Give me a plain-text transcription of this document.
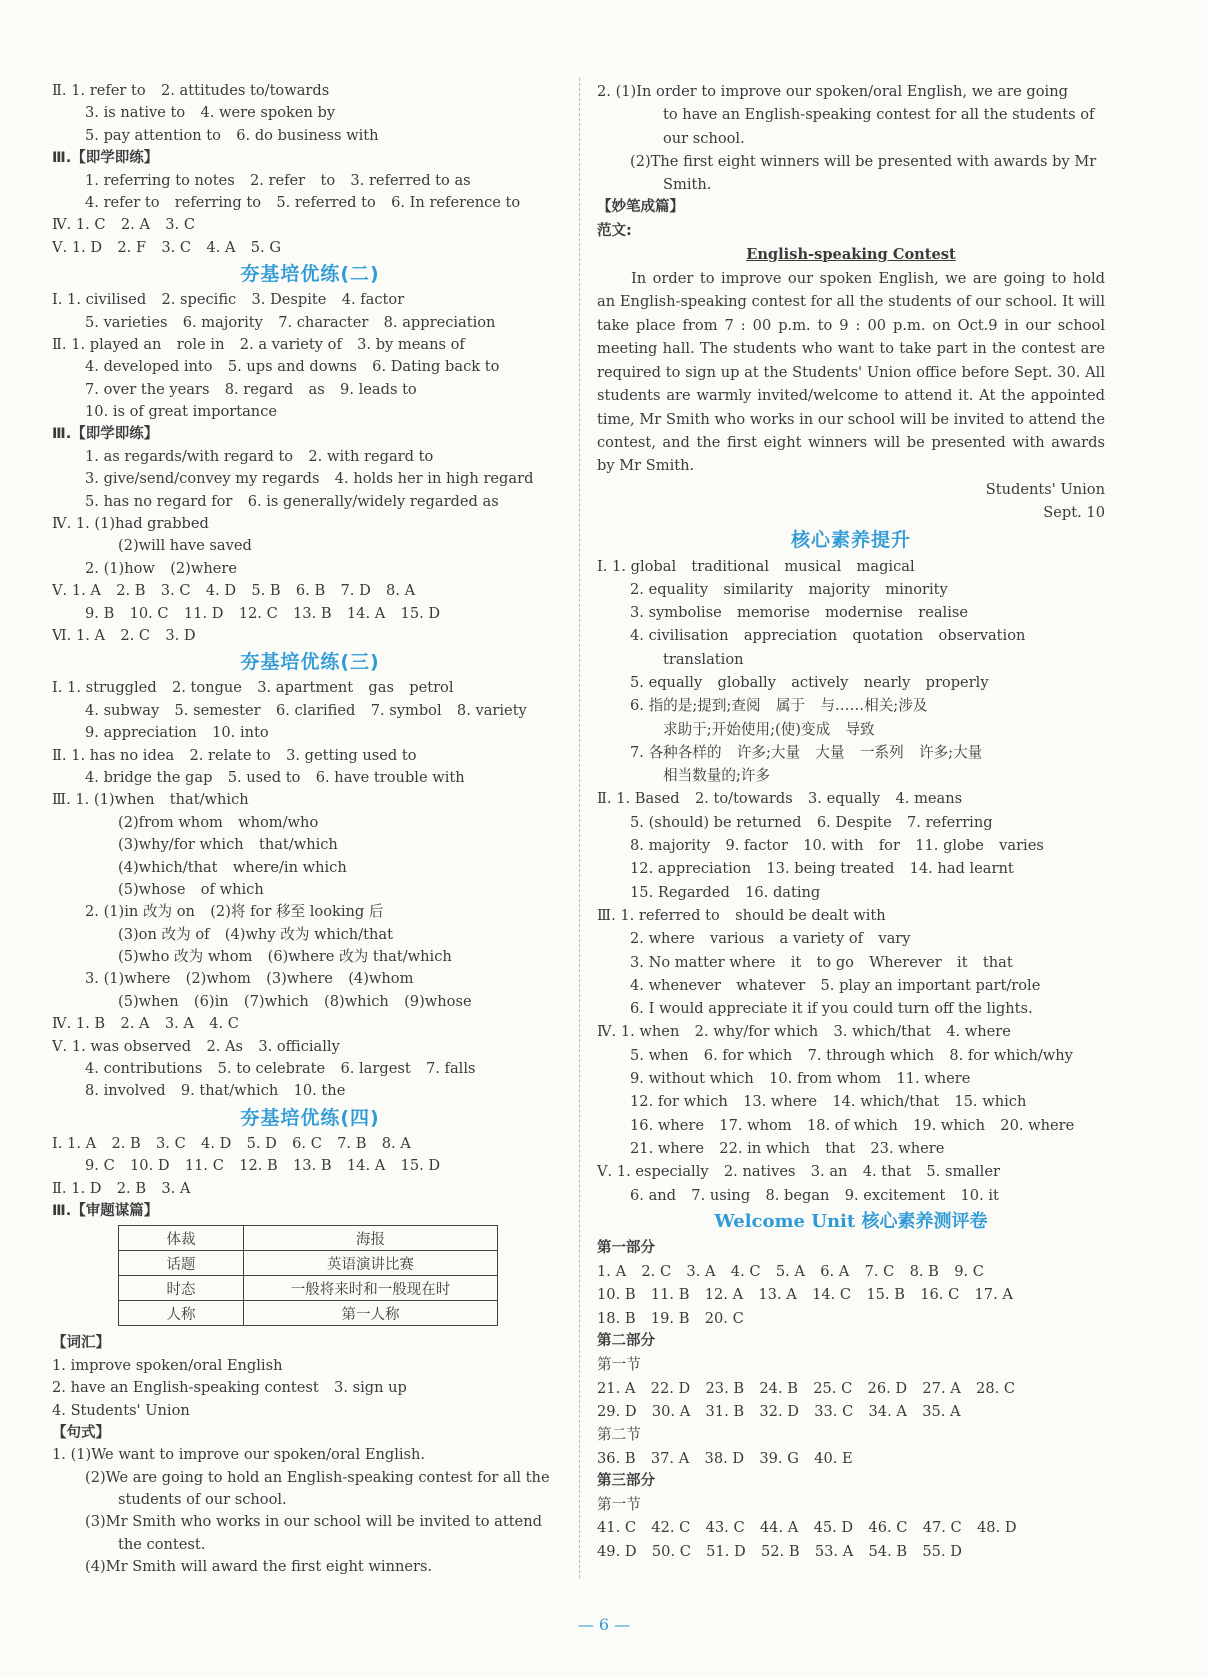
Ⅱ. 1. refer to 2. attitudes to/towards
3. is native to 4. were spoken by
5. pay attention to 6. do business with
Ⅲ.【即学即练】
1. referring to notes 2. refer to 3. referred to as
4. refer to referring to 5. referred to 6. In reference to
Ⅳ. 1. C 2. A 3. C
Ⅴ. 1. D 2. F 3. C 4. A 5. G
夯基培优练(二)
Ⅰ. 1. civilised 2. specific 3. Despite 4. factor
5. varieties 6. majority 7. character 8. appreciation
Ⅱ. 1. played an role in 2. a variety of 3. by means of
4. developed into 5. ups and downs 6. Dating back to
7. over the years 8. regard as 9. leads to
10. is of great importance
Ⅲ.【即学即练】
1. as regards/with regard to 2. with regard to
3. give/send/convey my regards 4. holds her in high regard
5. has no regard for 6. is generally/widely regarded as
Ⅳ. 1. (1)had grabbed
(2)will have saved
2. (1)how (2)where
Ⅴ. 1. A 2. B 3. C 4. D 5. B 6. B 7. D 8. A
9. B 10. C 11. D 12. C 13. B 14. A 15. D
Ⅵ. 1. A 2. C 3. D
夯基培优练(三)
Ⅰ. 1. struggled 2. tongue 3. apartment gas petrol
4. subway 5. semester 6. clarified 7. symbol 8. variety
9. appreciation 10. into
Ⅱ. 1. has no idea 2. relate to 3. getting used to
4. bridge the gap 5. used to 6. have trouble with
Ⅲ. 1. (1)when that/which
(2)from whom whom/who
(3)why/for which that/which
(4)which/that where/in which
(5)whose of which
2. (1)in 改为 on (2)将 for 移至 looking 后
(3)on 改为 of (4)why 改为 which/that
(5)who 改为 whom (6)where 改为 that/which
3. (1)where (2)whom (3)where (4)whom
(5)when (6)in (7)which (8)which (9)whose
Ⅳ. 1. B 2. A 3. A 4. C
Ⅴ. 1. was observed 2. As 3. officially
4. contributions 5. to celebrate 6. largest 7. falls
8. involved 9. that/which 10. the
夯基培优练(四)
Ⅰ. 1. A 2. B 3. C 4. D 5. D 6. C 7. B 8. A
9. C 10. D 11. C 12. B 13. B 14. A 15. D
Ⅱ. 1. D 2. B 3. A
Ⅲ.【审题谋篇】
体裁	海报
话题	英语演讲比赛
时态	一般将来时和一般现在时
人称	第一人称
【词汇】
1. improve spoken/oral English
2. have an English-speaking contest 3. sign up
4. Students' Union
【句式】
1. (1)We want to improve our spoken/oral English.
(2)We are going to hold an English-speaking contest for all the
students of our school.
(3)Mr Smith who works in our school will be invited to attend
the contest.
(4)Mr Smith will award the first eight winners.
2. (1)In order to improve our spoken/oral English, we are going
to have an English-speaking contest for all the students of
our school.
(2)The first eight winners will be presented with awards by Mr
Smith.
【妙笔成篇】
范文:
English-speaking Contest

In order to improve our spoken English, we are going to hold an English-speaking contest for all the students of our school. It will take place from 7 : 00 p.m. to 9 : 00 p.m. on Oct.9 in our school meeting hall. The students who want to take part in the contest are required to sign up at the Students' Union office before Sept. 30. All students are warmly invited/welcome to attend it. At the appointed time, Mr Smith who works in our school will be invited to attend the contest, and the first eight winners will be presented with awards by Mr Smith.

Students' Union
Sept. 10
核心素养提升
Ⅰ. 1. global traditional musical magical
2. equality similarity majority minority
3. symbolise memorise modernise realise
4. civilisation appreciation quotation observation
translation
5. equally globally actively nearly properly
6. 指的是;提到;查阅 属于 与……相关;涉及
求助于;开始使用;(使)变成 导致
7. 各种各样的 许多;大量 大量 一系列 许多;大量
相当数量的;许多
Ⅱ. 1. Based 2. to/towards 3. equally 4. means
5. (should) be returned 6. Despite 7. referring
8. majority 9. factor 10. with for 11. globe varies
12. appreciation 13. being treated 14. had learnt
15. Regarded 16. dating
Ⅲ. 1. referred to should be dealt with
2. where various a variety of vary
3. No matter where it to go Wherever it that
4. whenever whatever 5. play an important part/role
6. I would appreciate it if you could turn off the lights.
Ⅳ. 1. when 2. why/for which 3. which/that 4. where
5. when 6. for which 7. through which 8. for which/why
9. without which 10. from whom 11. where
12. for which 13. where 14. which/that 15. which
16. where 17. whom 18. of which 19. which 20. where
21. where 22. in which that 23. where
Ⅴ. 1. especially 2. natives 3. an 4. that 5. smaller
6. and 7. using 8. began 9. excitement 10. it
Welcome Unit 核心素养测评卷
第一部分
1. A 2. C 3. A 4. C 5. A 6. A 7. C 8. B 9. C
10. B 11. B 12. A 13. A 14. C 15. B 16. C 17. A
18. B 19. B 20. C
第二部分
第一节
21. A 22. D 23. B 24. B 25. C 26. D 27. A 28. C
29. D 30. A 31. B 32. D 33. C 34. A 35. A
第二节
36. B 37. A 38. D 39. G 40. E
第三部分
第一节
41. C 42. C 43. C 44. A 45. D 46. C 47. C 48. D
49. D 50. C 51. D 52. B 53. A 54. B 55. D
— 6 —
